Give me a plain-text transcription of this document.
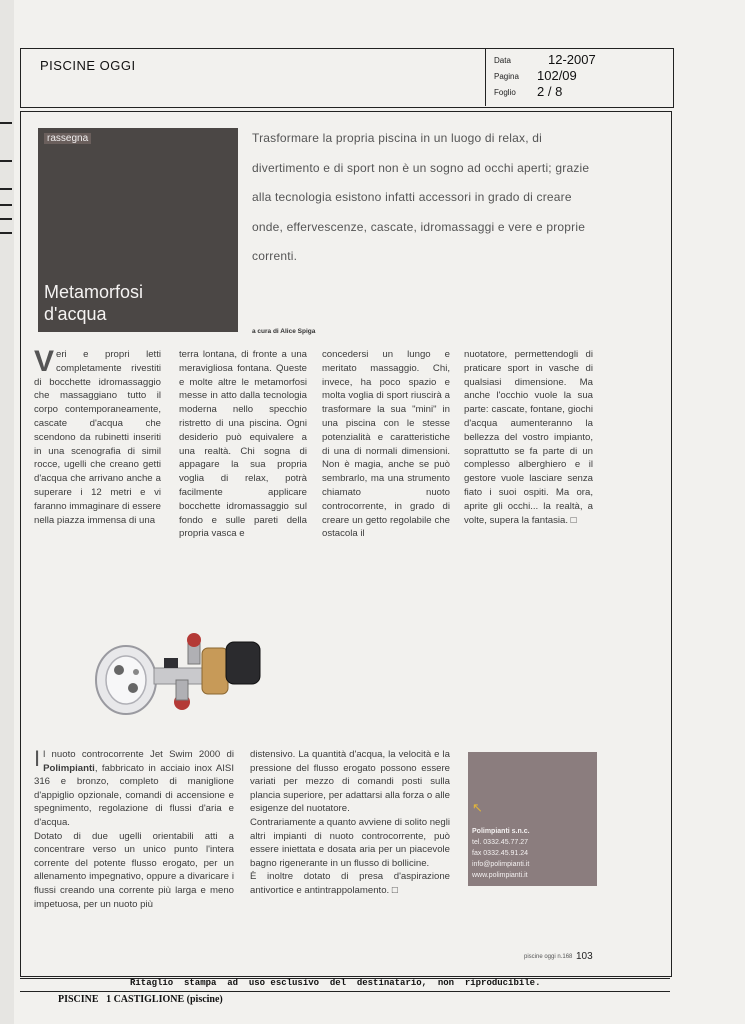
PISCINE OGGI	Data	12-2007
Pagina 102/09
Foglio 2 / 8
rassegna
Metamorfosi
d'acqua
Trasformare la propria piscina in un luogo di relax, di divertimento e di sport non è un sogno ad occhi aperti; grazie alla tecnologia esistono infatti accessori in grado di creare onde, effervescenze, cascate, idromassaggi e vere e proprie correnti.
a cura di Alice Spiga
Veri e propri letti completamente rivestiti di bocchette idromassaggio che massaggiano tutto il corpo contemporaneamente, cascate d'acqua che scendono da rubinetti inseriti in una scenografia di simil rocce, ugelli che creano getti d'acqua che arrivano anche a superare i 12 metri e vi faranno immaginare di essere nella piazza immensa di una
terra lontana, di fronte a una meravigliosa fontana. Queste e molte altre le metamorfosi messe in atto dalla tecnologia moderna nello specchio ristretto di una piscina. Ogni desiderio può equivalere a una realtà. Chi sogna di appagare la sua propria voglia di relax, potrà facilmente applicare bocchette idromassaggio sul fondo e sulle pareti della propria vasca e
concedersi un lungo e meritato massaggio. Chi, invece, ha poco spazio e molta voglia di sport riuscirà a trasformare la sua "mini" in una piscina con le stesse potenzialità e caratteristiche di una di normali dimensioni. Non è magia, anche se può sembrarlo, ma una strumento chiamato nuoto controcorrente, in grado di creare un getto regolabile che ostacola il
nuotatore, permettendogli di praticare sport in vasche di qualsiasi dimensione. Ma anche l'occhio vuole la sua parte: cascate, fontane, giochi d'acqua aumenteranno la bellezza del vostro impianto, soprattutto se fa parte di un complesso alberghiero e il gestore vuole lasciare senza fiato i suoi ospiti. Ma ora, aprite gli occhi... la realtà, a volte, supera la fantasia. □
Il nuoto controcorrente Jet Swim 2000 di Polimpianti, fabbricato in acciaio inox AISI 316 e bronzo, completo di maniglione d'appiglio opzionale, comandi di accensione e spegnimento, regolazione di flussi d'aria e d'acqua.
Dotato di due ugelli orientabili atti a concentrare verso un unico punto l'intera corrente del potente flusso erogato, per un allenamento impegnativo, oppure a divaricare i flussi creando una corrente più larga e meno impetuosa, per un nuoto più
distensivo. La quantità d'acqua, la velocità e la pressione del flusso erogato possono essere variati per mezzo di comandi posti sulla plancia superiore, per adattarsi alla forza o alle esigenze del nuotatore.
Contrariamente a quanto avviene di solito negli altri impianti di nuoto controcorrente, può essere iniettata e dosata aria per un piacevole bagno rigenerante in un flusso di bollicine.
È inoltre dotato di presa d'aspirazione antivortice e antintrappolamento. □
↖
Polimpianti s.n.c.
tel. 0332.45.77.27
fax 0332.45.91.24
info@polimpianti.it
www.polimpianti.it
piscine oggi n.168 103
Ritaglio  stampa  ad  uso esclusivo  del  destinatario,  non  riproducibile.
PISCINE   1 CASTIGLIONE (piscine)
